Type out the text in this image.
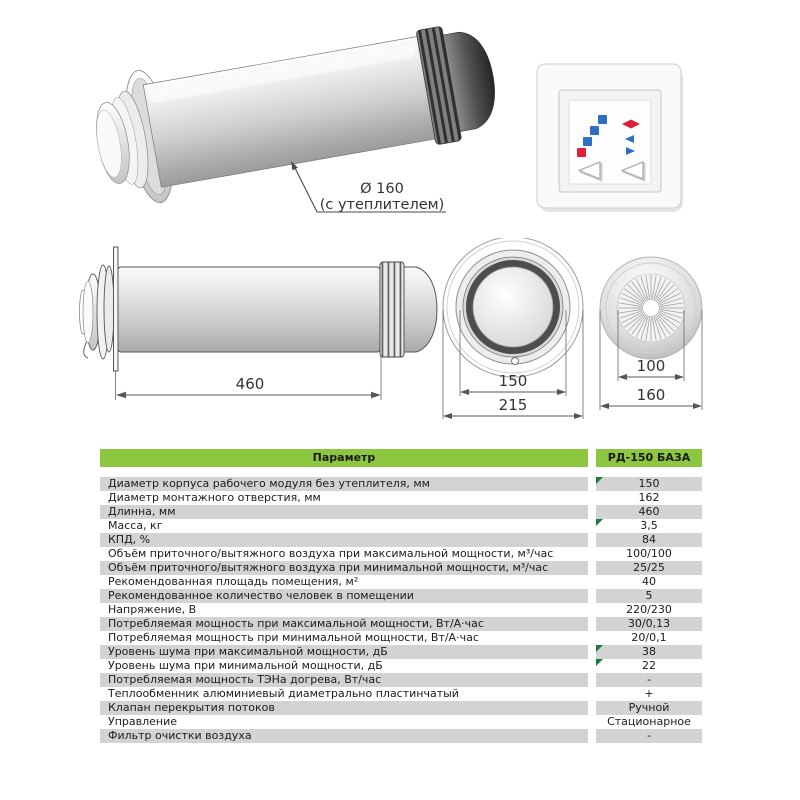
Ø 160
(с утеплителем)
460	150
215
100
160
Параметр	РД-150 БАЗА
Диаметр корпуса рабочего модуля без утеплителя, мм	150
Диаметр монтажного отверстия, мм	162
Длинна, мм	460
Масса, кг	3,5
КПД, %	84
Объём приточного/вытяжного воздуха при максимальной мощности, м³/час	100/100
Объём приточного/вытяжного воздуха при минимальной мощности, м³/час	25/25
Рекомендованная площадь помещения, м²	40
Рекомендованное количество человек в помещении	5
Напряжение, В	220/230
Потребляемая мощность при максимальной мощности, Вт/А·час	30/0,13
Потребляемая мощность при минимальной мощности, Вт/А·час	20/0,1
Уровень шума при максимальной мощности, дБ	38
Уровень шума при минимальной мощности, дБ	22
Потребляемая мощность ТЭНа догрева, Вт/час	-
Теплообменник алюминиевый диаметрально пластинчатый	+
Клапан перекрытия потоков	Ручной
Управление	Стационарное
Фильтр очистки воздуха	-
